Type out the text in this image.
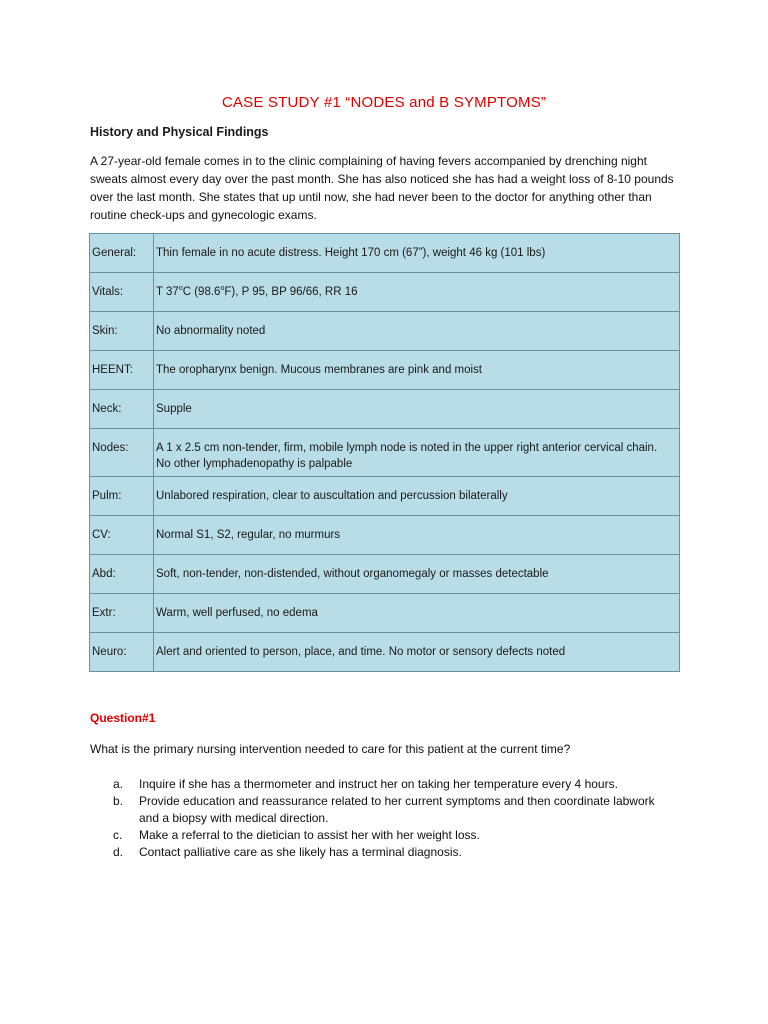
CASE STUDY #1 “NODES and B SYMPTOMS”
History and Physical Findings
A 27-year-old female comes in to the clinic complaining of having fevers accompanied by drenching night sweats almost every day over the past month. She has also noticed she has had a weight loss of 8-10 pounds over the last month. She states that up until now, she had never been to the doctor for anything other than routine check-ups and gynecologic exams.
General:	Thin female in no acute distress. Height 170 cm (67”), weight 46 kg (101 lbs)
Vitals:	T 37$^o$C (98.6$^o$F), P 95, BP 96/66, RR 16
Skin:	No abnormality noted
HEENT:	The oropharynx benign. Mucous membranes are pink and moist
Neck:	Supple
Nodes:	A 1 x 2.5 cm non-tender, firm, mobile lymph node is noted in the upper right anterior cervical chain. No other lymphadenopathy is palpable
Pulm:	Unlabored respiration, clear to auscultation and percussion bilaterally
CV:	Normal S1, S2, regular, no murmurs
Abd:	Soft, non-tender, non-distended, without organomegaly or masses detectable
Extr:	Warm, well perfused, no edema
Neuro:	Alert and oriented to person, place, and time. No motor or sensory defects noted
Question#1
What is the primary nursing intervention needed to care for this patient at the current time?
a.	Inquire if she has a thermometer and instruct her on taking her temperature every 4 hours.
b.	Provide education and reassurance related to her current symptoms and then coordinate labwork and a biopsy with medical direction.
c.	Make a referral to the dietician to assist her with her weight loss.
d.	Contact palliative care as she likely has a terminal diagnosis.
